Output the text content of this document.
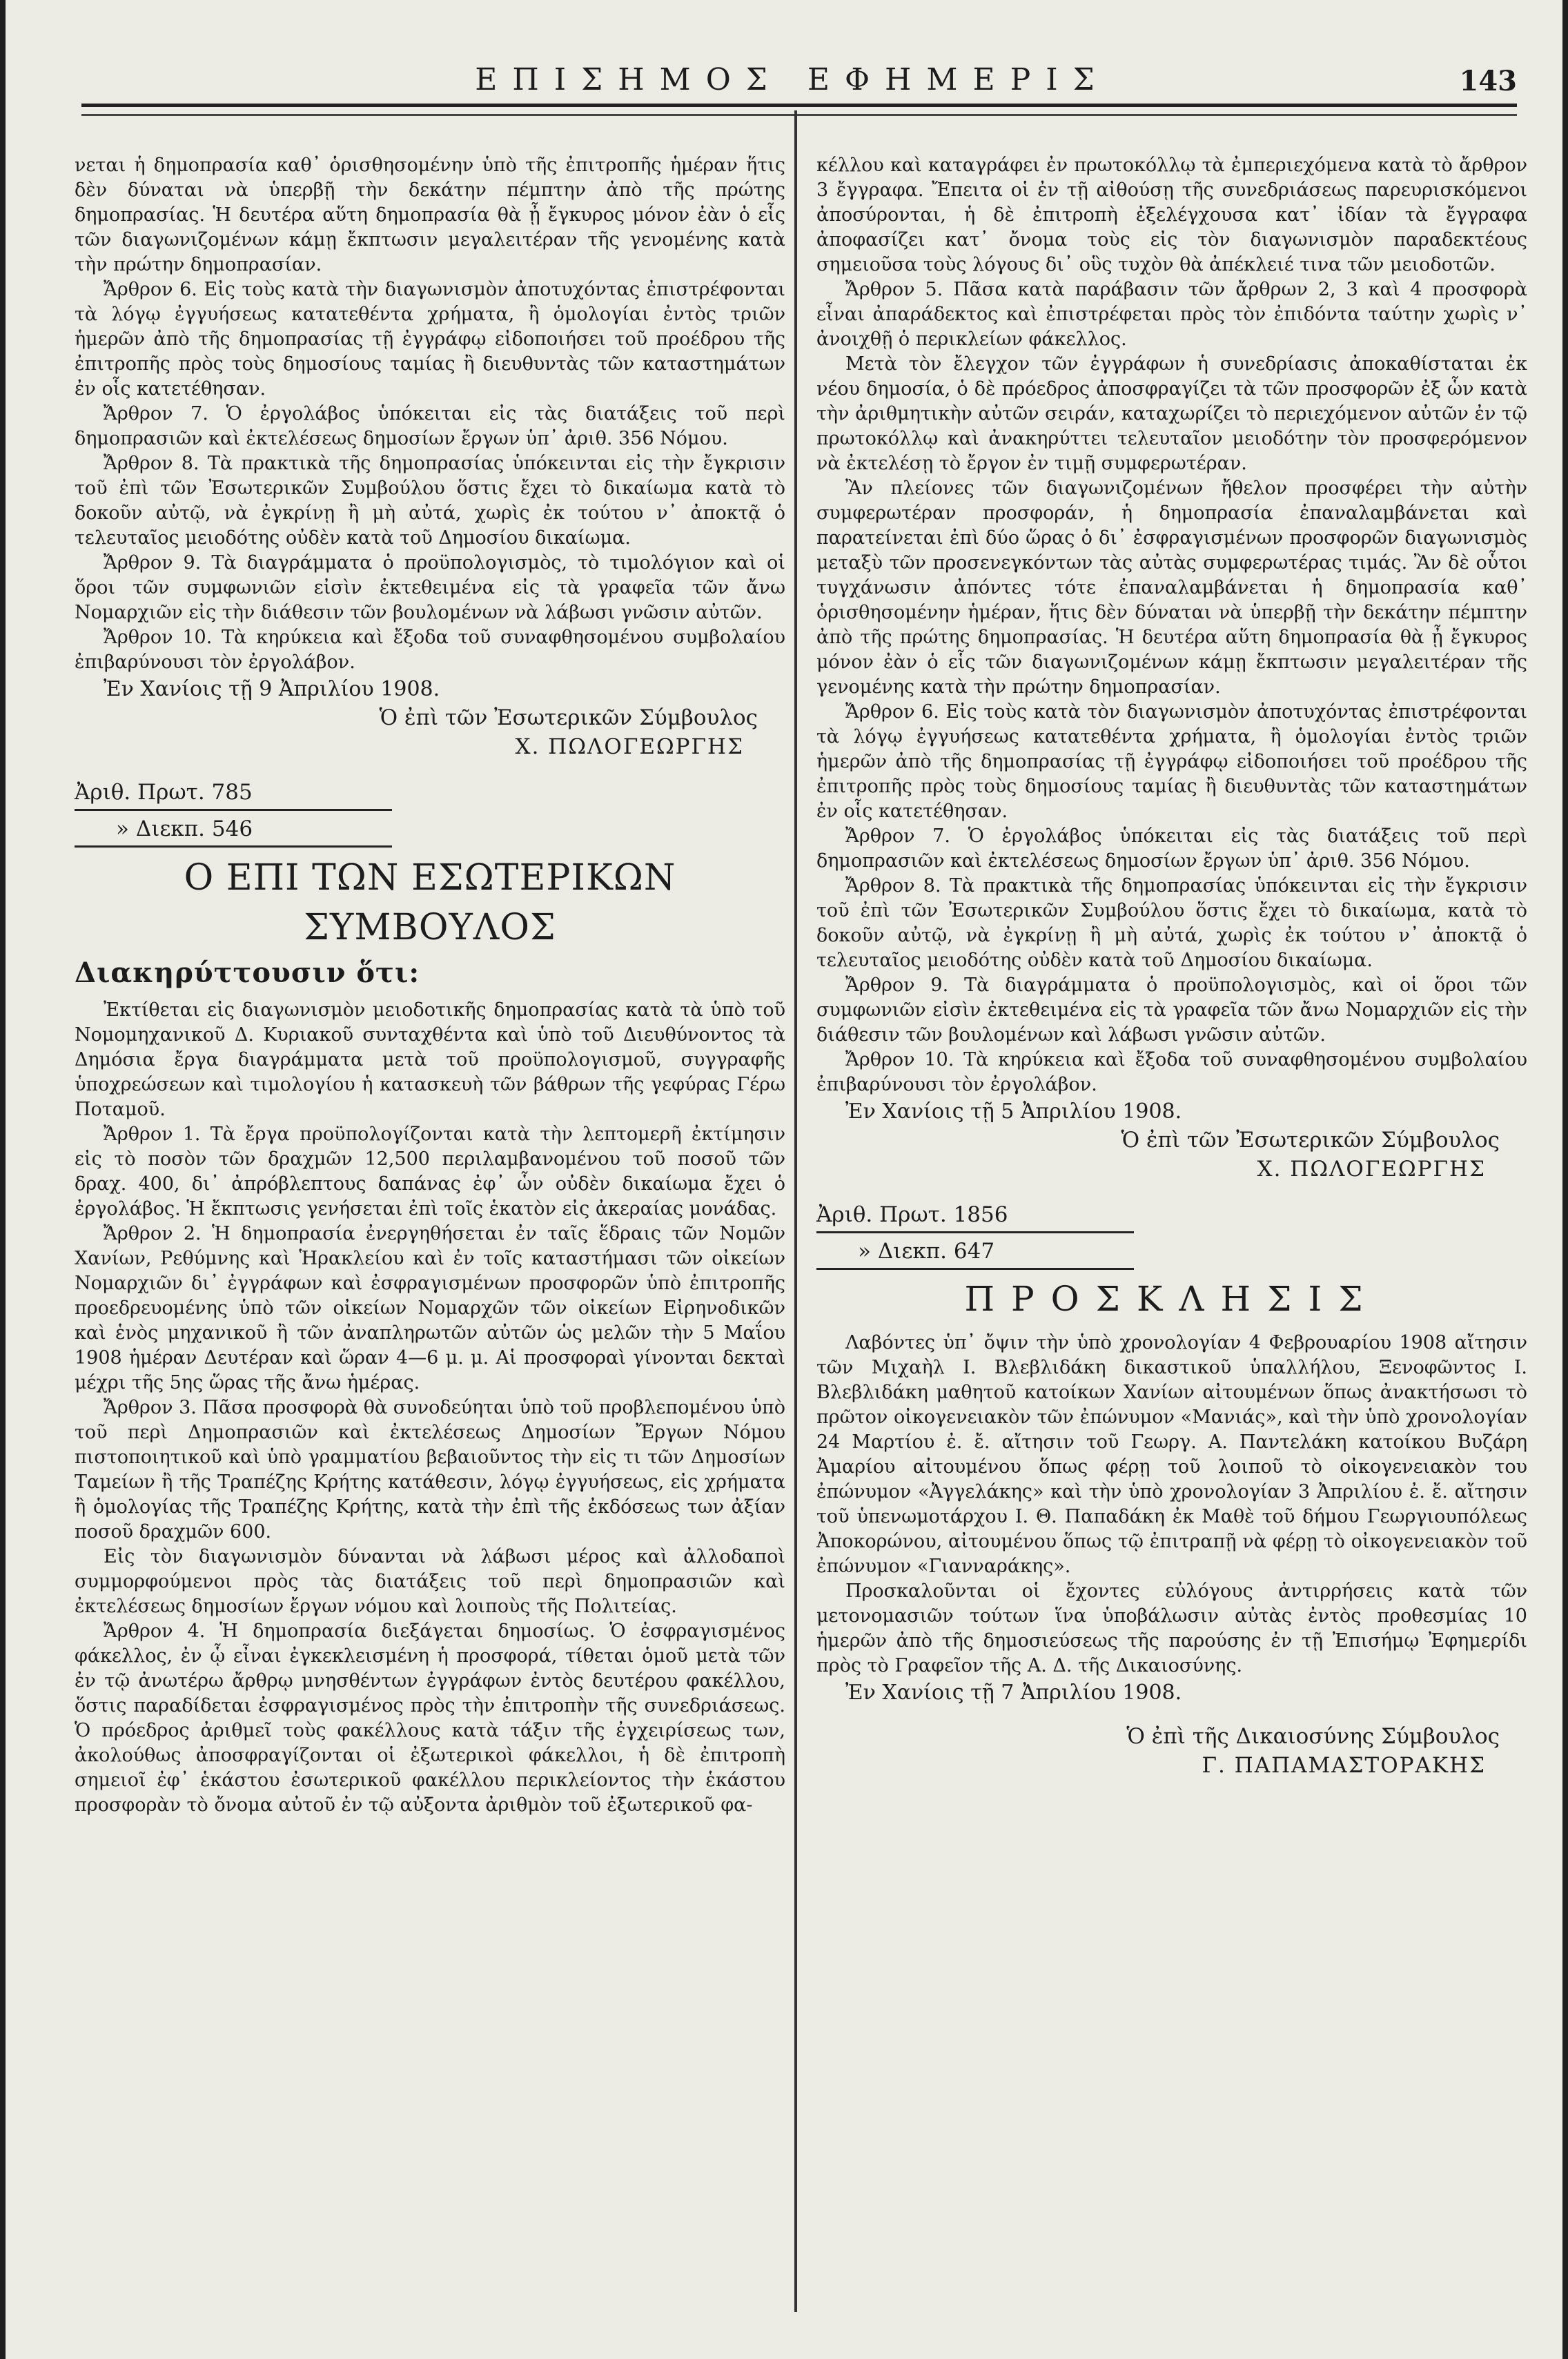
ΕΠΙΣΗΜΟΣ ΕΦΗΜΕΡΙΣ	143

νεται ἡ δημοπρασία καθ᾽ ὁρισθησομένην ὑπὸ τῆς ἐπιτροπῆς ἡμέραν ἥτις δὲν δύναται νὰ ὑπερβῇ τὴν δεκάτην πέμπτην ἀπὸ τῆς πρώτης δημοπρασίας. Ἡ δευτέρα αὕτη δημοπρασία θὰ ᾖ ἔγκυρος μόνον ἐὰν ὁ εἷς τῶν διαγωνιζομένων κάμῃ ἔκπτωσιν μεγαλειτέραν τῆς γενομένης κατὰ τὴν πρώτην δημοπρασίαν.

Ἄρθρον 6. Εἰς τοὺς κατὰ τὴν διαγωνισμὸν ἀποτυχόντας ἐπιστρέφονται τὰ λόγῳ ἐγγυήσεως κατατεθέντα χρήματα, ἢ ὁμολογίαι ἐντὸς τριῶν ἡμερῶν ἀπὸ τῆς δημοπρασίας τῇ ἐγγράφῳ εἰδοποιήσει τοῦ προέδρου τῆς ἐπιτροπῆς πρὸς τοὺς δημοσίους ταμίας ἢ διευθυντὰς τῶν καταστημάτων ἐν οἷς κατετέθησαν.

Ἄρθρον 7. Ὁ ἐργολάβος ὑπόκειται εἰς τὰς διατάξεις τοῦ περὶ δημοπρασιῶν καὶ ἐκτελέσεως δημοσίων ἔργων ὑπ᾽ ἀριθ. 356 Νόμου.

Ἄρθρον 8. Τὰ πρακτικὰ τῆς δημοπρασίας ὑπόκεινται εἰς τὴν ἔγκρισιν τοῦ ἐπὶ τῶν Ἐσωτερικῶν Συμβούλου ὅστις ἔχει τὸ δικαίωμα κατὰ τὸ δοκοῦν αὐτῷ, νὰ ἐγκρίνῃ ἢ μὴ αὐτά, χωρὶς ἐκ τούτου ν᾽ ἀποκτᾷ ὁ τελευταῖος μειοδότης οὐδὲν κατὰ τοῦ Δημοσίου δικαίωμα.

Ἄρθρον 9. Τὰ διαγράμματα ὁ προϋπολογισμὸς, τὸ τιμολόγιον καὶ οἱ ὅροι τῶν συμφωνιῶν εἰσὶν ἐκτεθειμένα εἰς τὰ γραφεῖα τῶν ἄνω Νομαρχιῶν εἰς τὴν διάθεσιν τῶν βουλομένων νὰ λάβωσι γνῶσιν αὐτῶν.

Ἄρθρον 10. Τὰ κηρύκεια καὶ ἔξοδα τοῦ συναφθησομένου συμβολαίου ἐπιβαρύνουσι τὸν ἐργολάβον.

Ἐν Χανίοις τῇ 9 Ἀπριλίου 1908.
Ὁ ἐπὶ τῶν Ἐσωτερικῶν Σύμβουλος
Χ. ΠΩΛΟΓΕΩΡΓΗΣ
Ἀριθ. Πρωτ. 785
» Διεκπ. 546
Ο ΕΠΙ ΤΩΝ ΕΣΩΤΕΡΙΚΩΝ ΣΥΜΒΟΥΛΟΣ
Διακηρύττουσιν ὅτι:

Ἐκτίθεται εἰς διαγωνισμὸν μειοδοτικῆς δημοπρασίας κατὰ τὰ ὑπὸ τοῦ Νομομηχανικοῦ Δ. Κυριακοῦ συνταχθέντα καὶ ὑπὸ τοῦ Διευθύνοντος τὰ Δημόσια ἔργα διαγράμματα μετὰ τοῦ προϋπολογισμοῦ, συγγραφῆς ὑποχρεώσεων καὶ τιμολογίου ἡ κατασκευὴ τῶν βάθρων τῆς γεφύρας Γέρω Ποταμοῦ.

Ἄρθρον 1. Τὰ ἔργα προϋπολογίζονται κατὰ τὴν λεπτομερῆ ἐκτίμησιν εἰς τὸ ποσὸν τῶν δραχμῶν 12,500 περιλαμβανομένου τοῦ ποσοῦ τῶν δραχ. 400, δι᾽ ἀπρόβλεπτους δαπάνας ἐφ᾽ ὧν οὐδὲν δικαίωμα ἔχει ὁ ἐργολάβος. Ἡ ἔκπτωσις γενήσεται ἐπὶ τοῖς ἑκατὸν εἰς ἀκεραίας μονάδας.

Ἄρθρον 2. Ἡ δημοπρασία ἐνεργηθήσεται ἐν ταῖς ἕδραις τῶν Νομῶν Χανίων, Ρεθύμνης καὶ Ἡρακλείου καὶ ἐν τοῖς καταστήμασι τῶν οἰκείων Νομαρχιῶν δι᾽ ἐγγράφων καὶ ἐσφραγισμένων προσφορῶν ὑπὸ ἐπιτροπῆς προεδρευομένης ὑπὸ τῶν οἰκείων Νομαρχῶν τῶν οἰκείων Εἰρηνοδικῶν καὶ ἑνὸς μηχανικοῦ ἢ τῶν ἀναπληρωτῶν αὐτῶν ὡς μελῶν τὴν 5 Μαΐου 1908 ἡμέραν Δευτέραν καὶ ὥραν 4—6 μ. μ. Αἱ προσφοραὶ γίνονται δεκταὶ μέχρι τῆς 5ης ὥρας τῆς ἄνω ἡμέρας.

Ἄρθρον 3. Πᾶσα προσφορὰ θὰ συνοδεύηται ὑπὸ τοῦ προβλεπομένου ὑπὸ τοῦ περὶ Δημοπρασιῶν καὶ ἐκτελέσεως Δημοσίων Ἔργων Νόμου πιστοποιητικοῦ καὶ ὑπὸ γραμματίου βεβαιοῦντος τὴν εἰς τι τῶν Δημοσίων Ταμείων ἢ τῆς Τραπέζης Κρήτης κατάθεσιν, λόγῳ ἐγγυήσεως, εἰς χρήματα ἢ ὁμολογίας τῆς Τραπέζης Κρήτης, κατὰ τὴν ἐπὶ τῆς ἐκδόσεως των ἀξίαν ποσοῦ δραχμῶν 600.

Εἰς τὸν διαγωνισμὸν δύνανται νὰ λάβωσι μέρος καὶ ἀλλοδαποὶ συμμορφούμενοι πρὸς τὰς διατάξεις τοῦ περὶ δημοπρασιῶν καὶ ἐκτελέσεως δημοσίων ἔργων νόμου καὶ λοιποὺς τῆς Πολιτείας.

Ἄρθρον 4. Ἡ δημοπρασία διεξάγεται δημοσίως. Ὁ ἐσφραγισμένος φάκελλος, ἐν ᾧ εἶναι ἐγκεκλεισμένη ἡ προσφορά, τίθεται ὁμοῦ μετὰ τῶν ἐν τῷ ἀνωτέρω ἄρθρῳ μνησθέντων ἐγγράφων ἐντὸς δευτέρου φακέλλου, ὅστις παραδίδεται ἐσφραγισμένος πρὸς τὴν ἐπιτροπὴν τῆς συνεδριάσεως. Ὁ πρόεδρος ἀριθμεῖ τοὺς φακέλλους κατὰ τάξιν τῆς ἐγχειρίσεως των, ἀκολούθως ἀποσφραγίζονται οἱ ἐξωτερικοὶ φάκελλοι, ἡ δὲ ἐπιτροπὴ σημειοῖ ἐφ᾽ ἑκάστου ἐσωτερικοῦ φακέλλου περικλείοντος τὴν ἑκάστου προσφορὰν τὸ ὄνομα αὐτοῦ ἐν τῷ αὐξοντα ἀριθμὸν τοῦ ἐξωτερικοῦ φα-

κέλλου καὶ καταγράφει ἐν πρωτοκόλλῳ τὰ ἐμπεριεχόμενα κατὰ τὸ ἄρθρον 3 ἔγγραφα. Ἔπειτα οἱ ἐν τῇ αἰθούσῃ τῆς συνεδριάσεως παρευρισκόμενοι ἀποσύρονται, ἡ δὲ ἐπιτροπὴ ἐξελέγχουσα κατ᾽ ἰδίαν τὰ ἔγγραφα ἀποφασίζει κατ᾽ ὄνομα τοὺς εἰς τὸν διαγωνισμὸν παραδεκτέους σημειοῦσα τοὺς λόγους δι᾽ οὓς τυχὸν θὰ ἀπέκλειέ τινα τῶν μειοδοτῶν.

Ἄρθρον 5. Πᾶσα κατὰ παράβασιν τῶν ἄρθρων 2, 3 καὶ 4 προσφορὰ εἶναι ἀπαράδεκτος καὶ ἐπιστρέφεται πρὸς τὸν ἐπιδόντα ταύτην χωρὶς ν᾽ ἀνοιχθῇ ὁ περικλείων φάκελλος.

Μετὰ τὸν ἔλεγχον τῶν ἐγγράφων ἡ συνεδρίασις ἀποκαθίσταται ἐκ νέου δημοσία, ὁ δὲ πρόεδρος ἀποσφραγίζει τὰ τῶν προσφορῶν ἐξ ὧν κατὰ τὴν ἀριθμητικὴν αὐτῶν σειράν, καταχωρίζει τὸ περιεχόμενον αὐτῶν ἐν τῷ πρωτοκόλλῳ καὶ ἀνακηρύττει τελευταῖον μειοδότην τὸν προσφερόμενον νὰ ἐκτελέσῃ τὸ ἔργον ἐν τιμῇ συμφερωτέραν.

Ἂν πλείονες τῶν διαγωνιζομένων ἤθελον προσφέρει τὴν αὐτὴν συμφερωτέραν προσφοράν, ἡ δημοπρασία ἐπαναλαμβάνεται καὶ παρατείνεται ἐπὶ δύο ὥρας ὁ δι᾽ ἐσφραγισμένων προσφορῶν διαγωνισμὸς μεταξὺ τῶν προσενεγκόντων τὰς αὐτὰς συμφερωτέρας τιμάς. Ἂν δὲ οὗτοι τυγχάνωσιν ἀπόντες τότε ἐπαναλαμβάνεται ἡ δημοπρασία καθ᾽ ὁρισθησομένην ἡμέραν, ἥτις δὲν δύναται νὰ ὑπερβῇ τὴν δεκάτην πέμπτην ἀπὸ τῆς πρώτης δημοπρασίας. Ἡ δευτέρα αὕτη δημοπρασία θὰ ᾖ ἔγκυρος μόνον ἐὰν ὁ εἷς τῶν διαγωνιζομένων κάμῃ ἔκπτωσιν μεγαλειτέραν τῆς γενομένης κατὰ τὴν πρώτην δημοπρασίαν.

Ἄρθρον 6. Εἰς τοὺς κατὰ τὸν διαγωνισμὸν ἀποτυχόντας ἐπιστρέφονται τὰ λόγῳ ἐγγυήσεως κατατεθέντα χρήματα, ἢ ὁμολογίαι ἐντὸς τριῶν ἡμερῶν ἀπὸ τῆς δημοπρασίας τῇ ἐγγράφῳ εἰδοποιήσει τοῦ προέδρου τῆς ἐπιτροπῆς πρὸς τοὺς δημοσίους ταμίας ἢ διευθυντὰς τῶν καταστημάτων ἐν οἷς κατετέθησαν.

Ἄρθρον 7. Ὁ ἐργολάβος ὑπόκειται εἰς τὰς διατάξεις τοῦ περὶ δημοπρασιῶν καὶ ἐκτελέσεως δημοσίων ἔργων ὑπ᾽ ἀριθ. 356 Νόμου.

Ἄρθρον 8. Τὰ πρακτικὰ τῆς δημοπρασίας ὑπόκεινται εἰς τὴν ἔγκρισιν τοῦ ἐπὶ τῶν Ἐσωτερικῶν Συμβούλου ὅστις ἔχει τὸ δικαίωμα, κατὰ τὸ δοκοῦν αὐτῷ, νὰ ἐγκρίνῃ ἢ μὴ αὐτά, χωρὶς ἐκ τούτου ν᾽ ἀποκτᾷ ὁ τελευταῖος μειοδότης οὐδὲν κατὰ τοῦ Δημοσίου δικαίωμα.

Ἄρθρον 9. Τὰ διαγράμματα ὁ προϋπολογισμὸς, καὶ οἱ ὅροι τῶν συμφωνιῶν εἰσὶν ἐκτεθειμένα εἰς τὰ γραφεῖα τῶν ἄνω Νομαρχιῶν εἰς τὴν διάθεσιν τῶν βουλομένων καὶ λάβωσι γνῶσιν αὐτῶν.

Ἄρθρον 10. Τὰ κηρύκεια καὶ ἔξοδα τοῦ συναφθησομένου συμβολαίου ἐπιβαρύνουσι τὸν ἐργολάβον.

Ἐν Χανίοις τῇ 5 Ἀπριλίου 1908.
Ὁ ἐπὶ τῶν Ἐσωτερικῶν Σύμβουλος
Χ. ΠΩΛΟΓΕΩΡΓΗΣ
Ἀριθ. Πρωτ. 1856
» Διεκπ. 647
ΠΡΟΣΚΛΗΣΙΣ

Λαβόντες ὑπ᾽ ὄψιν τὴν ὑπὸ χρονολογίαν 4 Φεβρουαρίου 1908 αἴτησιν τῶν Μιχαὴλ Ι. Βλεβλιδάκη δικαστικοῦ ὑπαλλήλου, Ξενοφῶντος Ι. Βλεβλιδάκη μαθητοῦ κατοίκων Χανίων αἰτουμένων ὅπως ἀνακτήσωσι τὸ πρῶτον οἰκογενειακὸν τῶν ἐπώνυμον «Μανιάς», καὶ τὴν ὑπὸ χρονολογίαν 24 Μαρτίου ἐ. ἔ. αἴτησιν τοῦ Γεωργ. Α. Παντελάκη κατοίκου Βυζάρη Ἀμαρίου αἰτουμένου ὅπως φέρῃ τοῦ λοιποῦ τὸ οἰκογενειακὸν του ἐπώνυμον «Ἀγγελάκης» καὶ τὴν ὑπὸ χρονολογίαν 3 Ἀπριλίου ἐ. ἔ. αἴτησιν τοῦ ὑπενωμοτάρχου Ι. Θ. Παπαδάκη ἐκ Μαθὲ τοῦ δήμου Γεωργιουπόλεως Ἀποκορώνου, αἰτουμένου ὅπως τῷ ἐπιτραπῇ νὰ φέρῃ τὸ οἰκογενειακὸν τοῦ ἐπώνυμον «Γιανναράκης».

Προσκαλοῦνται οἱ ἔχοντες εὐλόγους ἀντιρρήσεις κατὰ τῶν μετονομασιῶν τούτων ἵνα ὑποβάλωσιν αὐτὰς ἐντὸς προθεσμίας 10 ἡμερῶν ἀπὸ τῆς δημοσιεύσεως τῆς παρούσης ἐν τῇ Ἐπισήμῳ Ἐφημερίδι πρὸς τὸ Γραφεῖον τῆς Α. Δ. τῆς Δικαιοσύνης.

Ἐν Χανίοις τῇ 7 Ἀπριλίου 1908.
Ὁ ἐπὶ τῆς Δικαιοσύνης Σύμβουλος
Γ. ΠΑΠΑΜΑΣΤΟΡΑΚΗΣ
